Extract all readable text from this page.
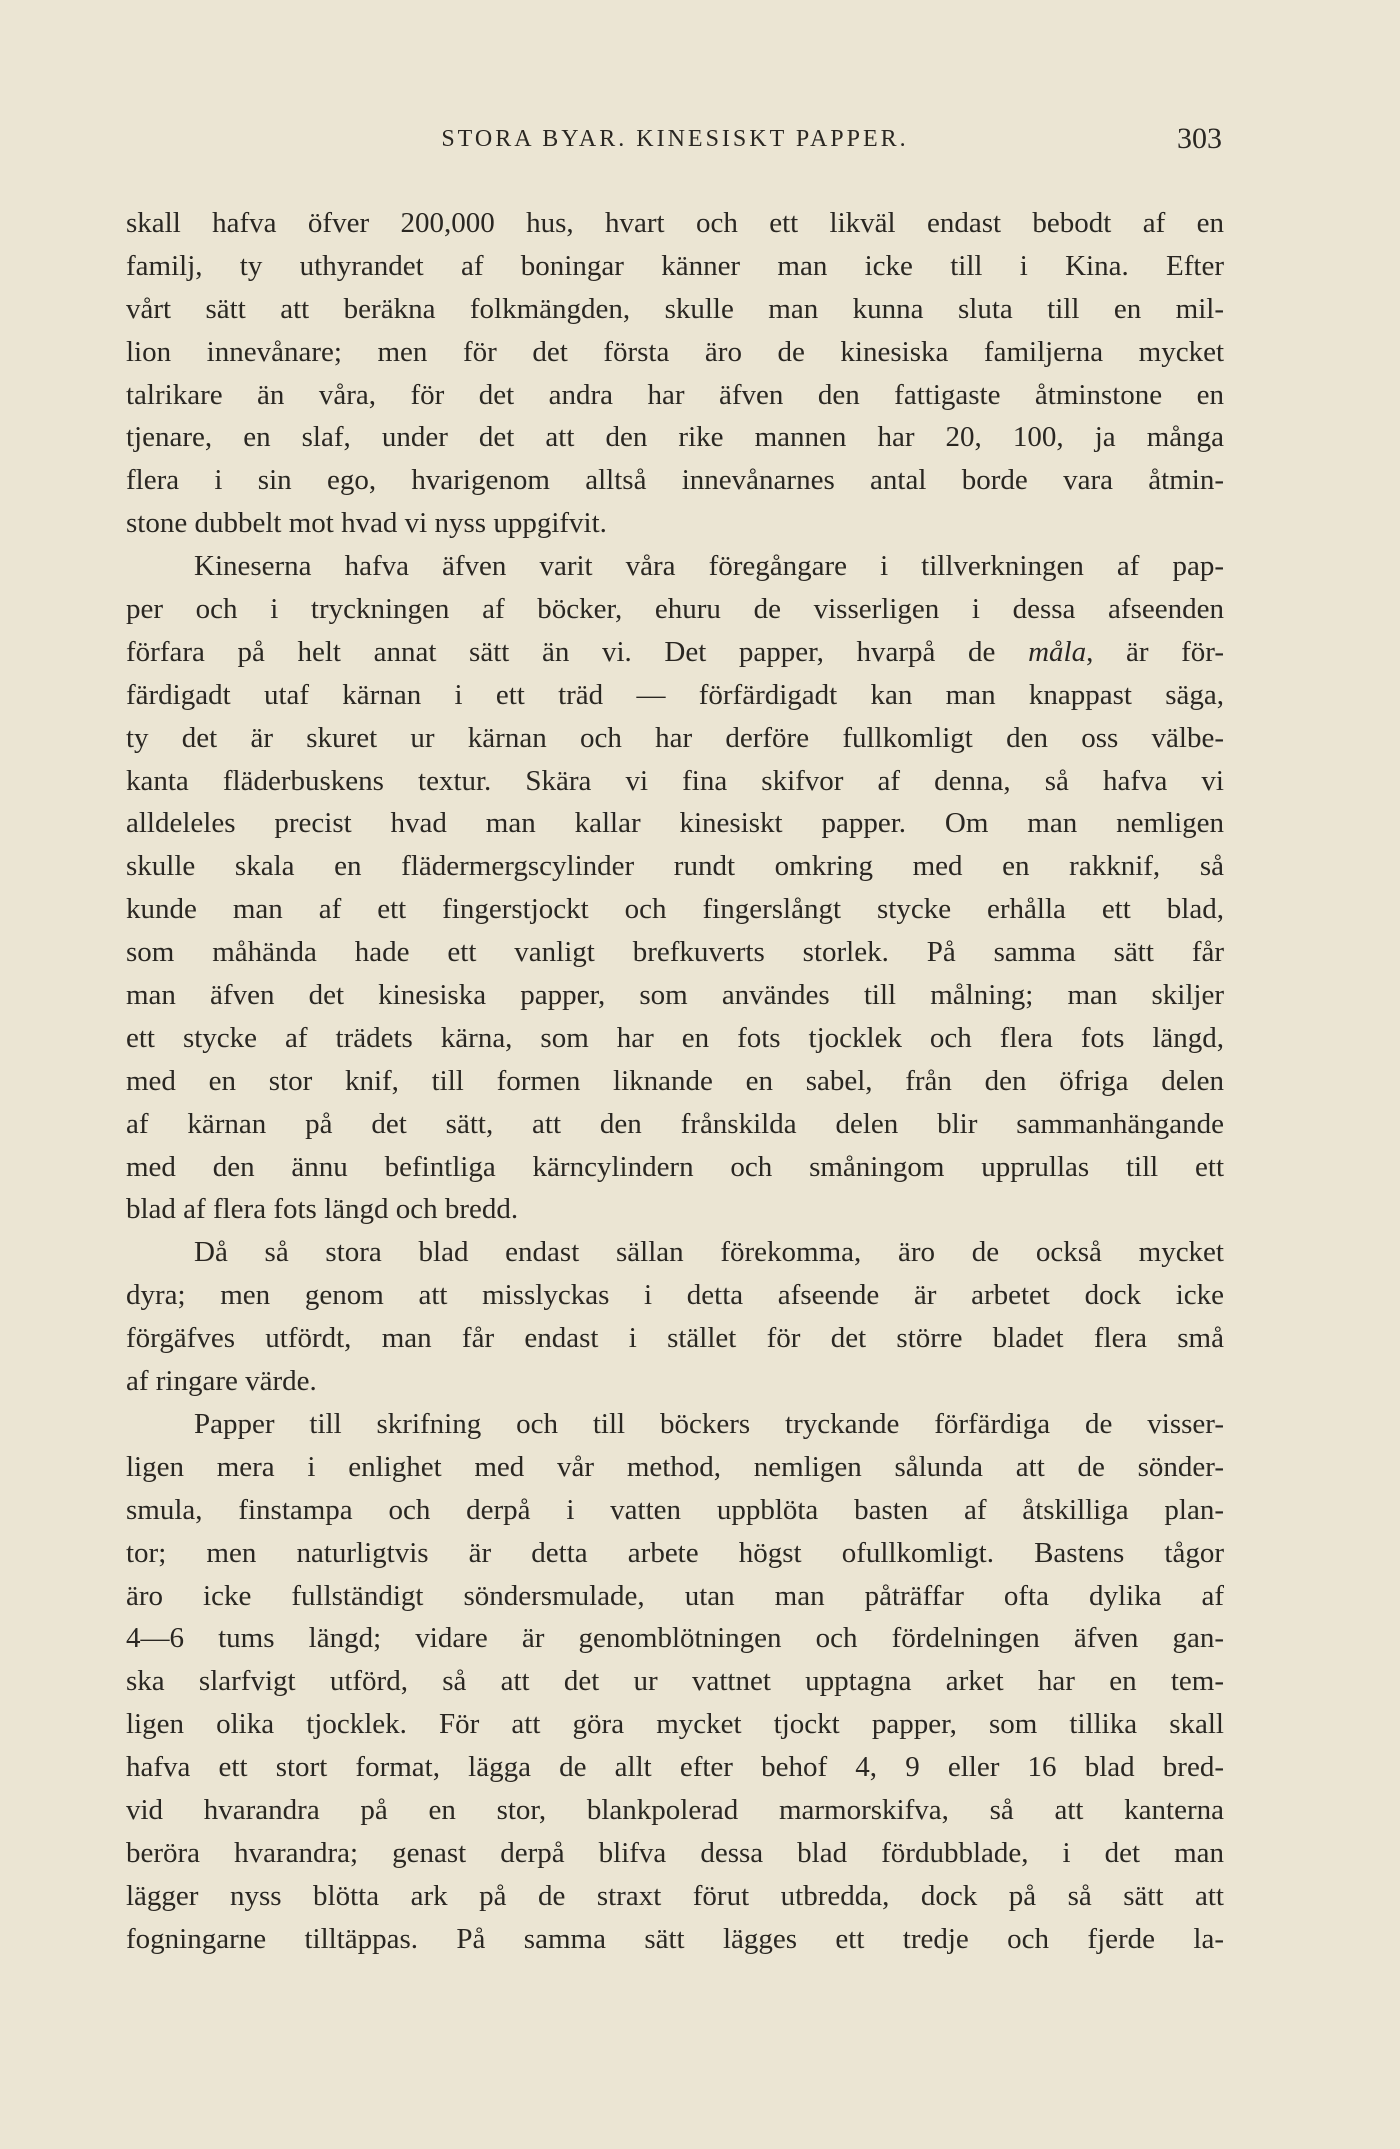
STORA BYAR. KINESISKT PAPPER.	303
skall hafva öfver 200,000 hus, hvart och ett likväl endast bebodt af en
familj, ty uthyrandet af boningar känner man icke till i Kina. Efter
vårt sätt att beräkna folkmängden, skulle man kunna sluta till en mil-
lion innevånare; men för det första äro de kinesiska familjerna mycket
talrikare än våra, för det andra har äfven den fattigaste åtminstone en
tjenare, en slaf, under det att den rike mannen har 20, 100, ja många
flera i sin ego, hvarigenom alltså innevånarnes antal borde vara åtmin-
stone dubbelt mot hvad vi nyss uppgifvit.
Kineserna hafva äfven varit våra föregångare i tillverkningen af pap-
per och i tryckningen af böcker, ehuru de visserligen i dessa afseenden
förfara på helt annat sätt än vi. Det papper, hvarpå de måla, är för-
färdigadt utaf kärnan i ett träd — förfärdigadt kan man knappast säga,
ty det är skuret ur kärnan och har derföre fullkomligt den oss välbe-
kanta fläderbuskens textur. Skära vi fina skifvor af denna, så hafva vi
alldeleles precist hvad man kallar kinesiskt papper. Om man nemligen
skulle skala en flädermergscylinder rundt omkring med en rakknif, så
kunde man af ett fingerstjockt och fingerslångt stycke erhålla ett blad,
som måhända hade ett vanligt brefkuverts storlek. På samma sätt får
man äfven det kinesiska papper, som användes till målning; man skiljer
ett stycke af trädets kärna, som har en fots tjocklek och flera fots längd,
med en stor knif, till formen liknande en sabel, från den öfriga delen
af kärnan på det sätt, att den frånskilda delen blir sammanhängande
med den ännu befintliga kärncylindern och småningom upprullas till ett
blad af flera fots längd och bredd.
Då så stora blad endast sällan förekomma, äro de också mycket
dyra; men genom att misslyckas i detta afseende är arbetet dock icke
förgäfves utfördt, man får endast i stället för det större bladet flera små
af ringare värde.
Papper till skrifning och till böckers tryckande förfärdiga de visser-
ligen mera i enlighet med vår method, nemligen sålunda att de sönder-
smula, finstampa och derpå i vatten uppblöta basten af åtskilliga plan-
tor; men naturligtvis är detta arbete högst ofullkomligt. Bastens tågor
äro icke fullständigt söndersmulade, utan man påträffar ofta dylika af
4—6 tums längd; vidare är genomblötningen och fördelningen äfven gan-
ska slarfvigt utförd, så att det ur vattnet upptagna arket har en tem-
ligen olika tjocklek. För att göra mycket tjockt papper, som tillika skall
hafva ett stort format, lägga de allt efter behof 4, 9 eller 16 blad bred-
vid hvarandra på en stor, blankpolerad marmorskifva, så att kanterna
beröra hvarandra; genast derpå blifva dessa blad fördubblade, i det man
lägger nyss blötta ark på de straxt förut utbredda, dock på så sätt att
fogningarne tilltäppas. På samma sätt lägges ett tredje och fjerde la-
